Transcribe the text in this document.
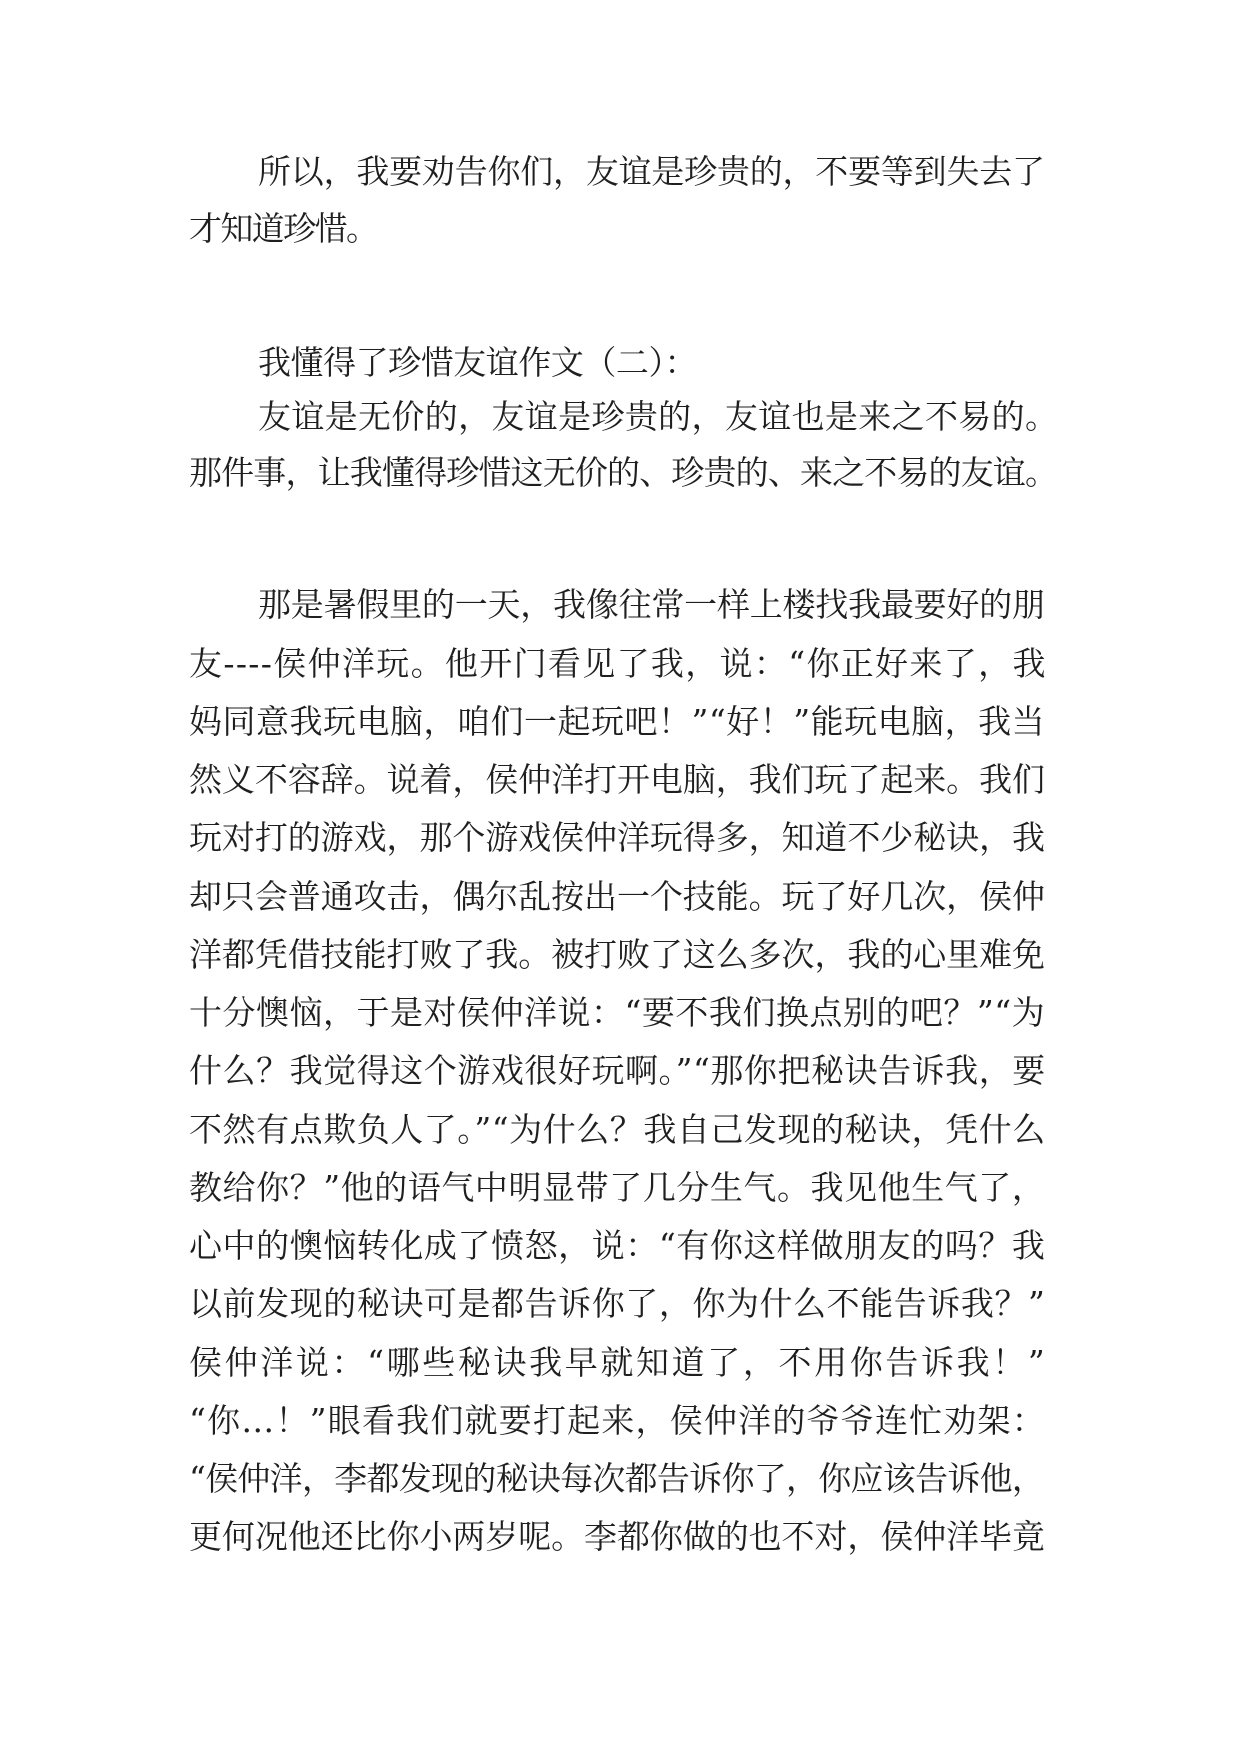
所以，我要劝告你们，友谊是珍贵的，不要等到失去了
才知道珍惜。
我懂得了珍惜友谊作文（二）：
友谊是无价的，友谊是珍贵的，友谊也是来之不易的。
那件事，让我懂得珍惜这无价的、珍贵的、来之不易的友谊。
那是暑假里的一天，我像往常一样上楼找我最要好的朋
友----侯仲洋玩。他开门看见了我，说：“你正好来了，我
妈同意我玩电脑，咱们一起玩吧！”“好！”能玩电脑，我当
然义不容辞。说着，侯仲洋打开电脑，我们玩了起来。我们
玩对打的游戏，那个游戏侯仲洋玩得多，知道不少秘诀，我
却只会普通攻击，偶尔乱按出一个技能。玩了好几次，侯仲
洋都凭借技能打败了我。被打败了这么多次，我的心里难免
十分懊恼，于是对侯仲洋说：“要不我们换点别的吧？”“为
什么？我觉得这个游戏很好玩啊。”“那你把秘诀告诉我，要
不然有点欺负人了。”“为什么？我自己发现的秘诀，凭什么
教给你？”他的语气中明显带了几分生气。我见他生气了，
心中的懊恼转化成了愤怒，说：“有你这样做朋友的吗？我
以前发现的秘诀可是都告诉你了，你为什么不能告诉我？”
侯仲洋说：“哪些秘诀我早就知道了，不用你告诉我！”
“你…！”眼看我们就要打起来，侯仲洋的爷爷连忙劝架：
“侯仲洋，李都发现的秘诀每次都告诉你了，你应该告诉他，
更何况他还比你小两岁呢。李都你做的也不对，侯仲洋毕竟
